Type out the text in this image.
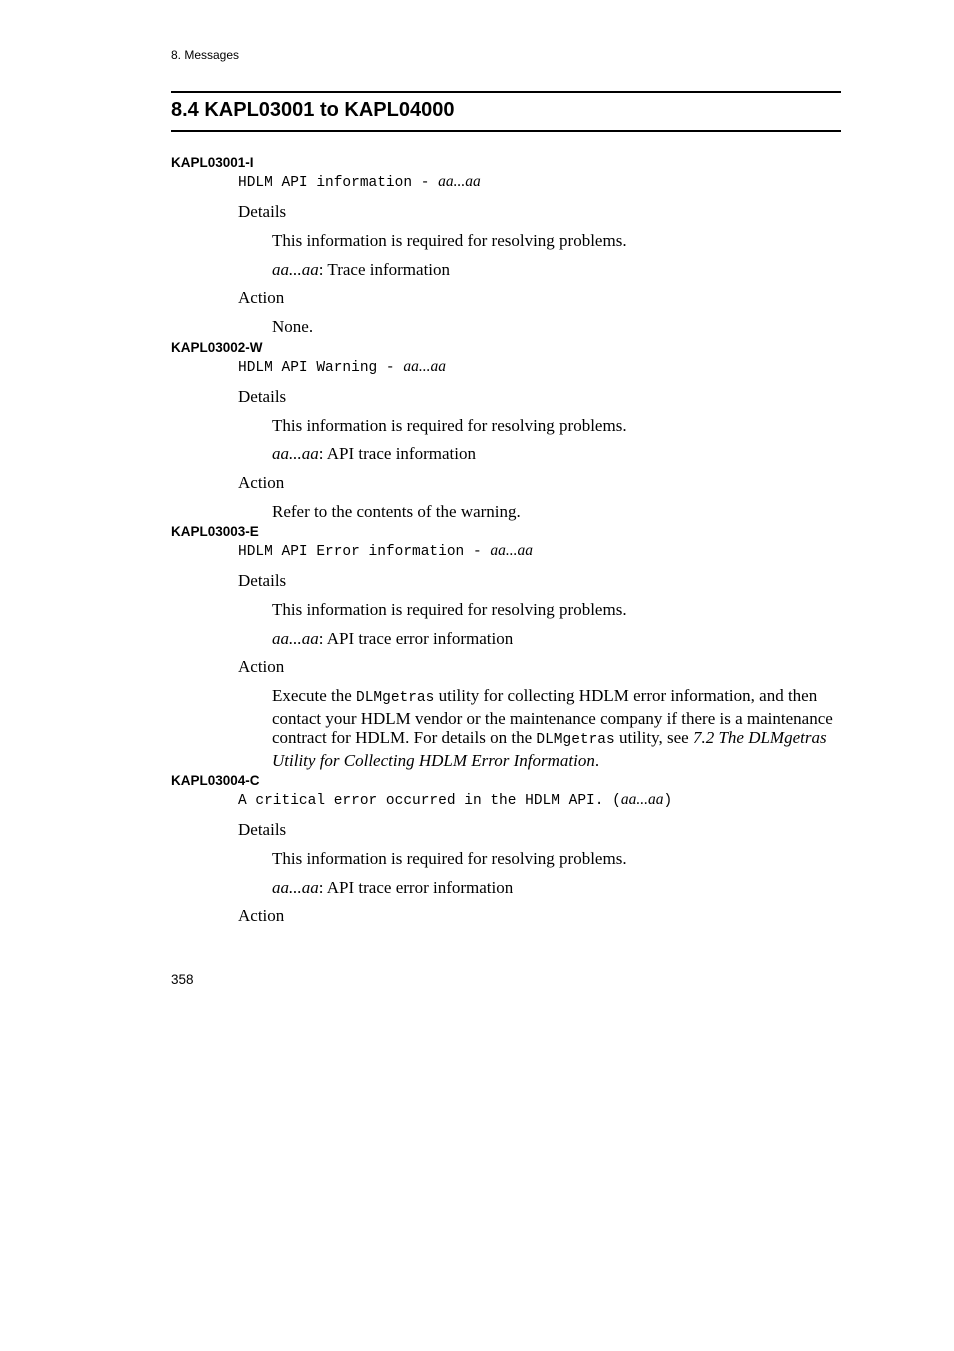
8. Messages
8.4 KAPL03001 to KAPL04000

KAPL03001-I

HDLM API information - aa...aa

Details

This information is required for resolving problems.

aa...aa: Trace information

Action

None.

KAPL03002-W

HDLM API Warning - aa...aa

Details

This information is required for resolving problems.

aa...aa: API trace information

Action

Refer to the contents of the warning.

KAPL03003-E

HDLM API Error information - aa...aa

Details

This information is required for resolving problems.

aa...aa: API trace error information

Action

Execute the DLMgetras utility for collecting HDLM error information, and then contact your HDLM vendor or the maintenance company if there is a maintenance contract for HDLM. For details on the DLMgetras utility, see 7.2 The DLMgetras Utility for Collecting HDLM Error Information.

KAPL03004-C

A critical error occurred in the HDLM API. (aa...aa)

Details

This information is required for resolving problems.

aa...aa: API trace error information

Action

358
